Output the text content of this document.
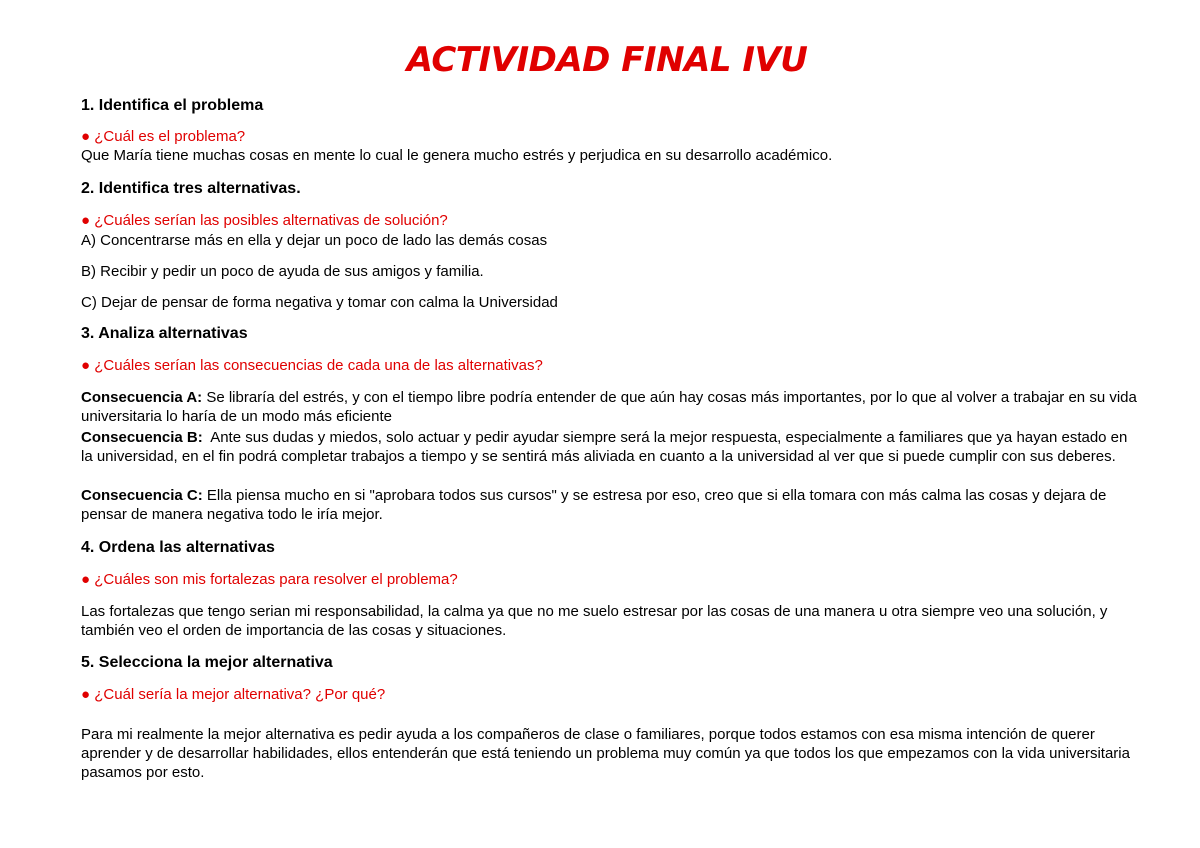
ACTIVIDAD FINAL IVU
1. Identifica el problema

● ¿Cuál es el problema?

Que María tiene muchas cosas en mente lo cual le genera mucho estrés y perjudica en su desarrollo académico.

2. Identifica tres alternativas.

● ¿Cuáles serían las posibles alternativas de solución?

A) Concentrarse más en ella y dejar un poco de lado las demás cosas

B) Recibir y pedir un poco de ayuda de sus amigos y familia.

C) Dejar de pensar de forma negativa y tomar con calma la Universidad

3. Analiza alternativas

● ¿Cuáles serían las consecuencias de cada una de las alternativas?

Consecuencia A: Se libraría del estrés, y con el tiempo libre podría entender de que aún hay cosas más importantes, por lo que al volver a trabajar en su vida universitaria lo haría de un modo más eficiente

Consecuencia B:  Ante sus dudas y miedos, solo actuar y pedir ayudar siempre será la mejor respuesta, especialmente a familiares que ya hayan estado en la universidad, en el fin podrá completar trabajos a tiempo y se sentirá más aliviada en cuanto a la universidad al ver que si puede cumplir con sus deberes.

Consecuencia C: Ella piensa mucho en si "aprobara todos sus cursos" y se estresa por eso, creo que si ella tomara con más calma las cosas y dejara de pensar de manera negativa todo le iría mejor.

4. Ordena las alternativas

● ¿Cuáles son mis fortalezas para resolver el problema?

Las fortalezas que tengo serian mi responsabilidad, la calma ya que no me suelo estresar por las cosas de una manera u otra siempre veo una solución, y también veo el orden de importancia de las cosas y situaciones.

5. Selecciona la mejor alternativa

● ¿Cuál sería la mejor alternativa? ¿Por qué?

Para mi realmente la mejor alternativa es pedir ayuda a los compañeros de clase o familiares, porque todos estamos con esa misma intención de querer aprender y de desarrollar habilidades, ellos entenderán que está teniendo un problema muy común ya que todos los que empezamos con la vida universitaria pasamos por esto.
